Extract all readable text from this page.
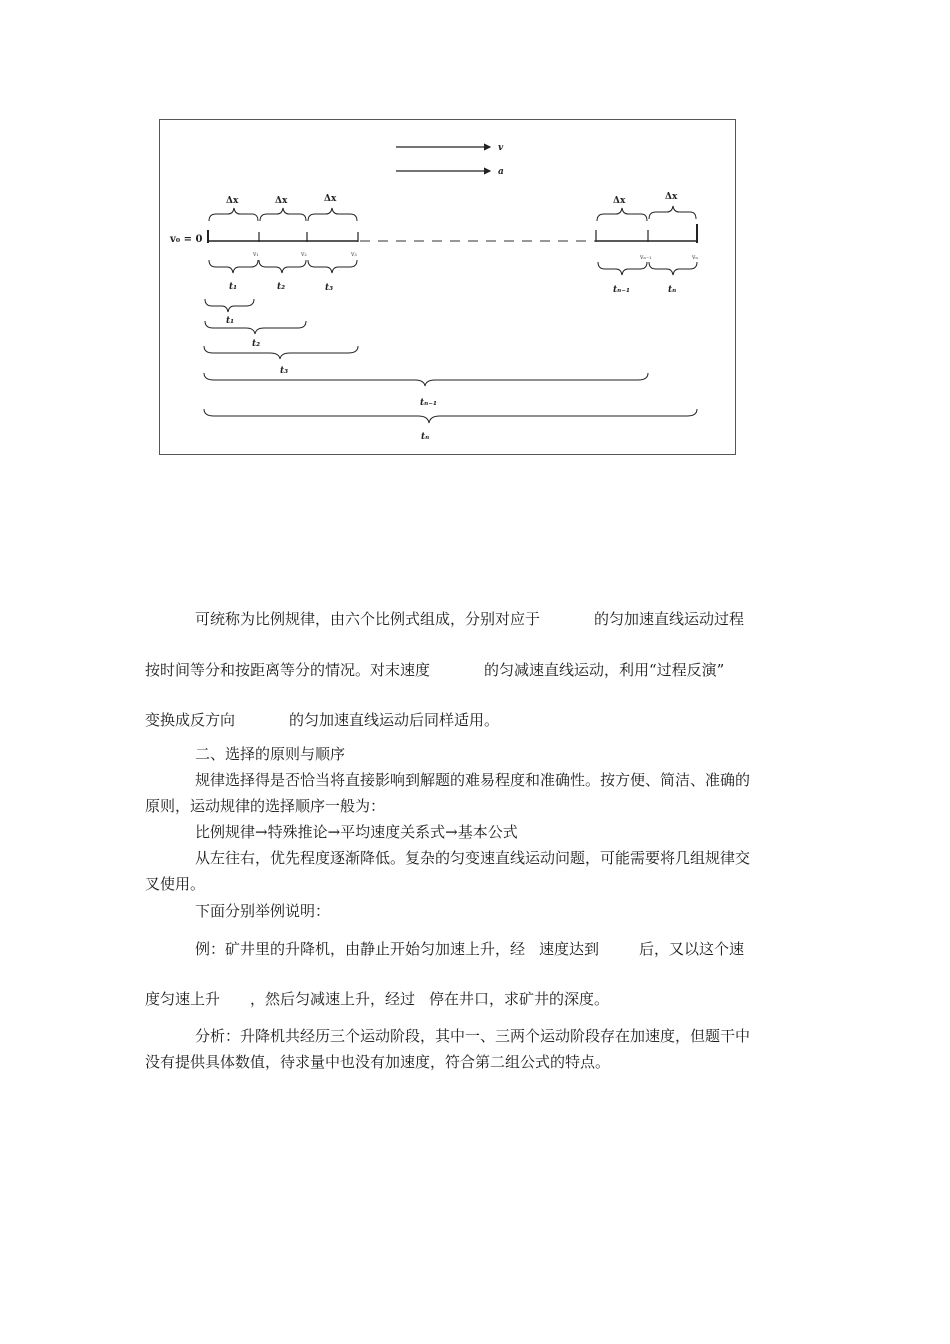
v
a
v₀ = 0
Δx	Δx	Δx	Δx	Δx
v₁	v₂	v₃	vₙ₋₁	vₙ
t₁	t₂	t₃	tₙ₋₁	tₙ
t₁
t₂
t₃
tₙ₋₁
tₙ
可统称为比例规律，由六个比例式组成，分别对应于	的匀加速直线运动过程
按时间等分和按距离等分的情况。对末速度	的匀减速直线运动，利用“过程反演”
变换成反方向	的匀加速直线运动后同样适用。
二、选择的原则与顺序
规律选择得是否恰当将直接影响到解题的难易程度和准确性。按方便、简洁、准确的
原则，运动规律的选择顺序一般为：
比例规律→特殊推论→平均速度关系式→基本公式
从左往右，优先程度逐渐降低。复杂的匀变速直线运动问题，可能需要将几组规律交
叉使用。
下面分别举例说明：
例：矿井里的升降机，由静止开始匀加速上升，经 速度达到	后，又以这个速
度匀速上升 ，然后匀减速上升，经过 停在井口，求矿井的深度。
分析：升降机共经历三个运动阶段，其中一、三两个运动阶段存在加速度，但题干中
没有提供具体数值，待求量中也没有加速度，符合第二组公式的特点。
